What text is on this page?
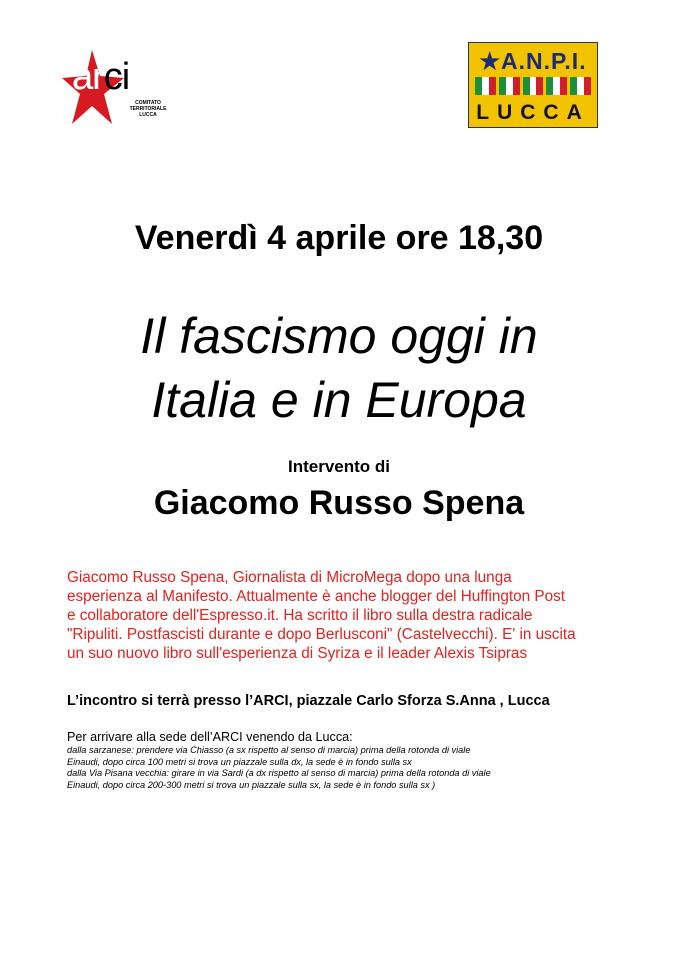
arci
COMITATO
TERRITORIALE
LUCCA
★A.N.P.I.
LUCCA
Venerdì 4 aprile ore 18,30
Il fascismo oggi in
Italia e in Europa
Intervento di
Giacomo Russo Spena
Giacomo Russo Spena, Giornalista di MicroMega dopo una lunga
esperienza al Manifesto. Attualmente è anche blogger del Huffington Post
e collaboratore dell'Espresso.it. Ha scritto il libro sulla destra radicale
"Ripuliti. Postfascisti durante e dopo Berlusconi" (Castelvecchi). E' in uscita
un suo nuovo libro sull'esperienza di Syriza e il leader Alexis Tsipras
L’incontro si terrà presso l’ARCI, piazzale Carlo Sforza S.Anna , Lucca
Per arrivare alla sede dell’ARCI venendo da Lucca:
dalla sarzanese: prendere via Chiasso (a sx rispetto al senso di marcia) prima della rotonda di viale
Einaudi, dopo circa 100 metri si trova un piazzale sulla dx, la sede è in fondo sulla sx
dalla Via Pisana vecchia: girare in via Sardi (a dx rispetto al senso di marcia) prima della rotonda di viale
Einaudi, dopo circa 200-300 metri si trova un piazzale sulla sx, la sede è in fondo sulla sx )
